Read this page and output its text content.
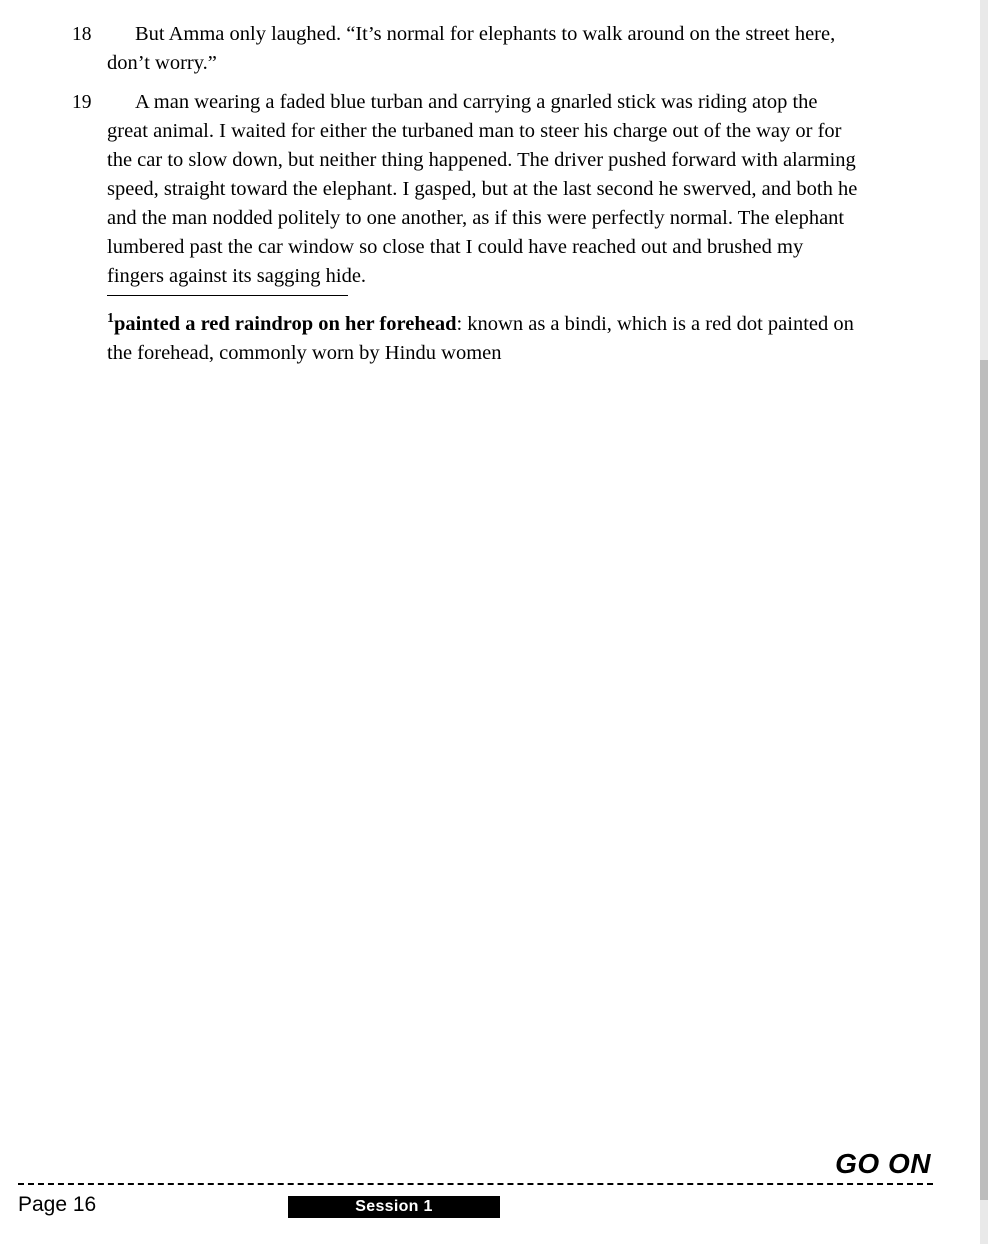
18	But Amma only laughed. “It’s normal for elephants to walk around on the street here, don’t worry.”
19	A man wearing a faded blue turban and carrying a gnarled stick was riding atop the great animal. I waited for either the turbaned man to steer his charge out of the way or for the car to slow down, but neither thing happened. The driver pushed forward with alarming speed, straight toward the elephant. I gasped, but at the last second he swerved, and both he and the man nodded politely to one another, as if this were perfectly normal. The elephant lumbered past the car window so close that I could have reached out and brushed my fingers against its sagging hide.
$^1$painted a red raindrop on her forehead: known as a bindi, which is a red dot painted on the forehead, commonly worn by Hindu women
GO ON
Page 16	Session 1
